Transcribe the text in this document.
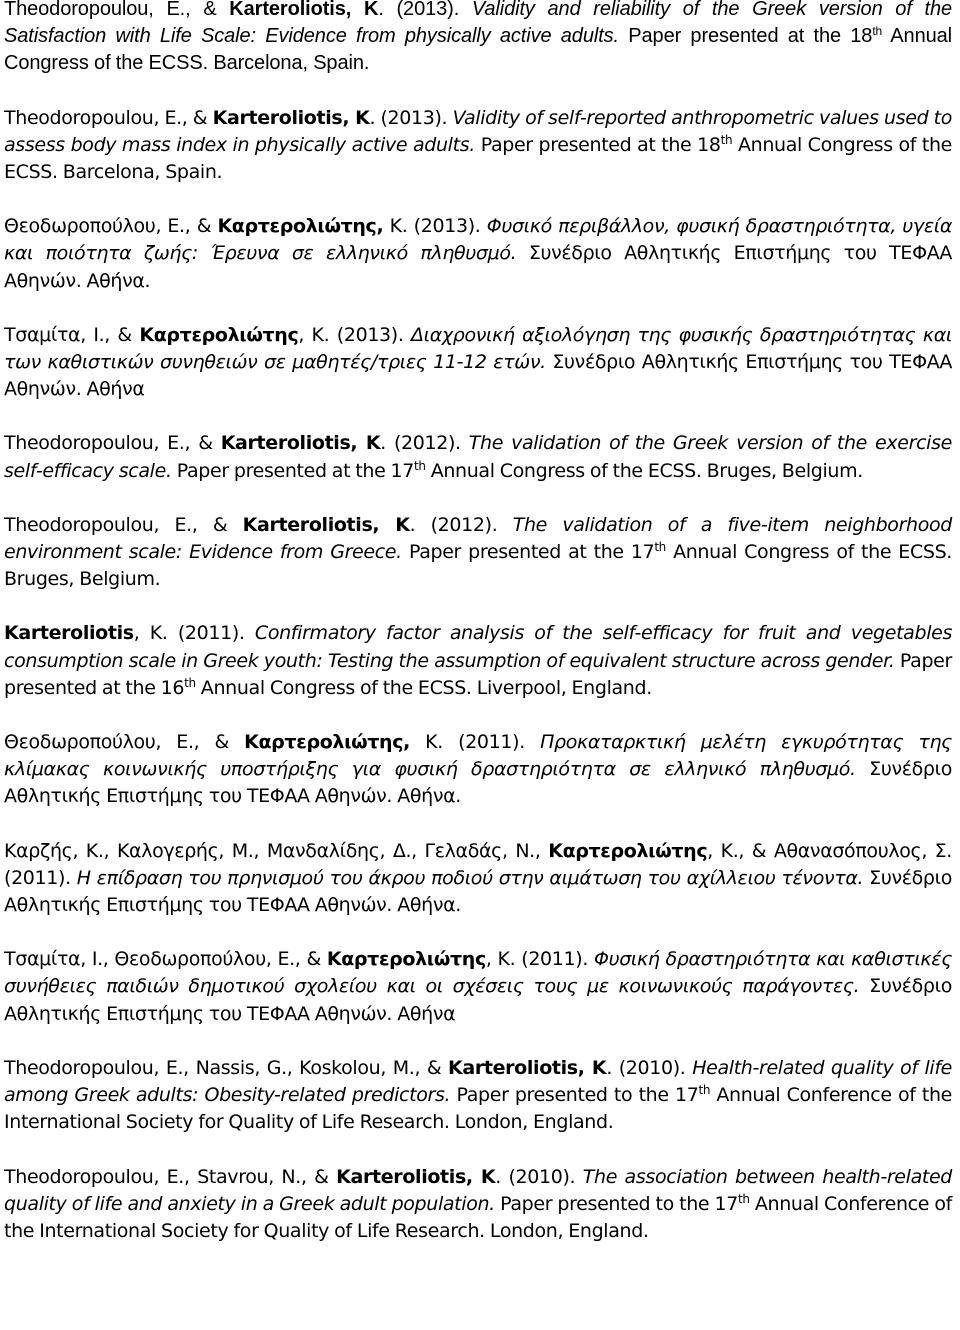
Theodoropoulou, E., & Karteroliotis, K. (2013). Validity and reliability of the Greek version of the Satisfaction with Life Scale: Evidence from physically active adults. Paper presented at the 18th Annual Congress of the ECSS. Barcelona, Spain.

Theodoropoulou, E., & Karteroliotis, K. (2013). Validity of self-reported anthropometric values used to assess body mass index in physically active adults. Paper presented at the 18th Annual Congress of the ECSS. Barcelona, Spain.

Θεοδωροπούλου, Ε., & Καρτερολιώτης, Κ. (2013). Φυσικό περιβάλλον, φυσική δραστηριότητα, υγεία και ποιότητα ζωής: Έρευνα σε ελληνικό πληθυσμό. Συνέδριο Αθλητικής Επιστήμης του ΤΕΦΑΑ Αθηνών. Αθήνα.

Τσαμίτα, Ι., & Καρτερολιώτης, Κ. (2013). Διαχρονική αξιολόγηση της φυσικής δραστηριότητας και των καθιστικών συνηθειών σε μαθητές/τριες 11-12 ετών. Συνέδριο Αθλητικής Επιστήμης του ΤΕΦΑΑ Αθηνών. Αθήνα

Theodoropoulou, E., & Karteroliotis, K. (2012). The validation of the Greek version of the exercise self-efficacy scale. Paper presented at the 17th Annual Congress of the ECSS. Bruges, Belgium.

Theodoropoulou, E., & Karteroliotis, K. (2012). The validation of a five-item neighborhood environment scale: Evidence from Greece. Paper presented at the 17th Annual Congress of the ECSS. Bruges, Belgium.

Karteroliotis, K. (2011). Confirmatory factor analysis of the self-efficacy for fruit and vegetables consumption scale in Greek youth: Testing the assumption of equivalent structure across gender. Paper presented at the 16th Annual Congress of the ECSS. Liverpool, England.

Θεοδωροπούλου, Ε., & Καρτερολιώτης, Κ. (2011). Προκαταρκτική μελέτη εγκυρότητας της κλίμακας κοινωνικής υποστήριξης για φυσική δραστηριότητα σε ελληνικό πληθυσμό. Συνέδριο Αθλητικής Επιστήμης του ΤΕΦΑΑ Αθηνών. Αθήνα.

Καρζής, Κ., Καλογερής, Μ., Μανδαλίδης, Δ., Γελαδάς, Ν., Καρτερολιώτης, Κ., & Αθανασόπουλος, Σ. (2011). Η επίδραση του πρηνισμού του άκρου ποδιού στην αιμάτωση του αχίλλειου τένοντα. Συνέδριο Αθλητικής Επιστήμης του ΤΕΦΑΑ Αθηνών. Αθήνα.

Τσαμίτα, Ι., Θεοδωροπούλου, Ε., & Καρτερολιώτης, Κ. (2011). Φυσική δραστηριότητα και καθιστικές συνήθειες παιδιών δημοτικού σχολείου και οι σχέσεις τους με κοινωνικούς παράγοντες. Συνέδριο Αθλητικής Επιστήμης του ΤΕΦΑΑ Αθηνών. Αθήνα

Theodoropoulou, E., Nassis, G., Koskolou, M., & Karteroliotis, K. (2010). Health-related quality of life among Greek adults: Obesity-related predictors. Paper presented to the 17th Annual Conference of the International Society for Quality of Life Research. London, England.

Theodoropoulou, E., Stavrou, N., & Karteroliotis, K. (2010). The association between health-related quality of life and anxiety in a Greek adult population. Paper presented to the 17th Annual Conference of the International Society for Quality of Life Research. London, England.
